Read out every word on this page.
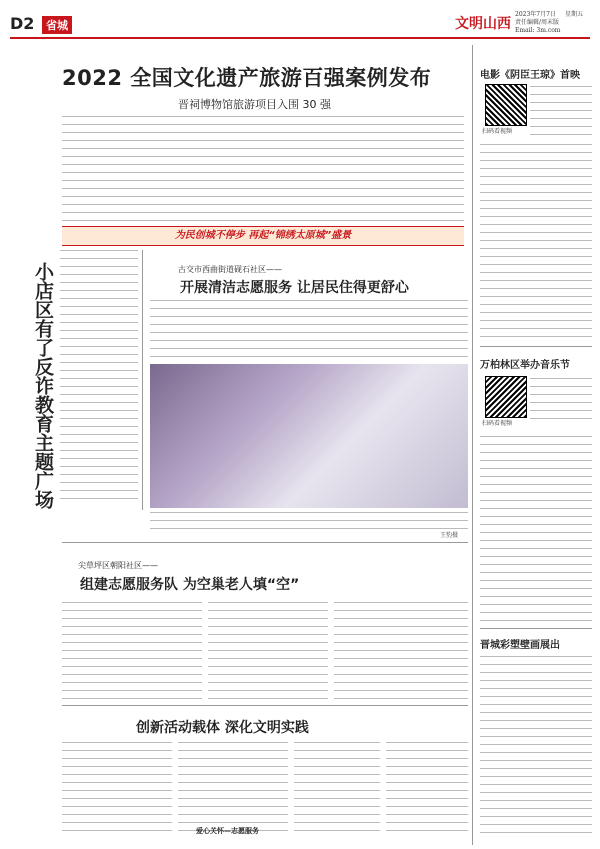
D2	省城	文明山西
2023年7月7日 星期五
责任编辑/周末版
Email: 3m.com
2022 全国文化遗产旅游百强案例发布
晋祠博物馆旅游项目入围 30 强
为民创城不停步 再起“锦绣太原城”盛景
电影《阴臣王琼》首映
扫码看视频
万柏林区举办音乐节
扫码看视频
晋城彩塑壁画展出
小店区有了反诈教育主题广场	古交市西曲街道砚石社区——
开展清洁志愿服务 让居民住得更舒心
王豹摄
尖草坪区朝阳社区——
组建志愿服务队 为空巢老人填“空”
创新活动载体 深化文明实践
爱心关怀—志愿服务
